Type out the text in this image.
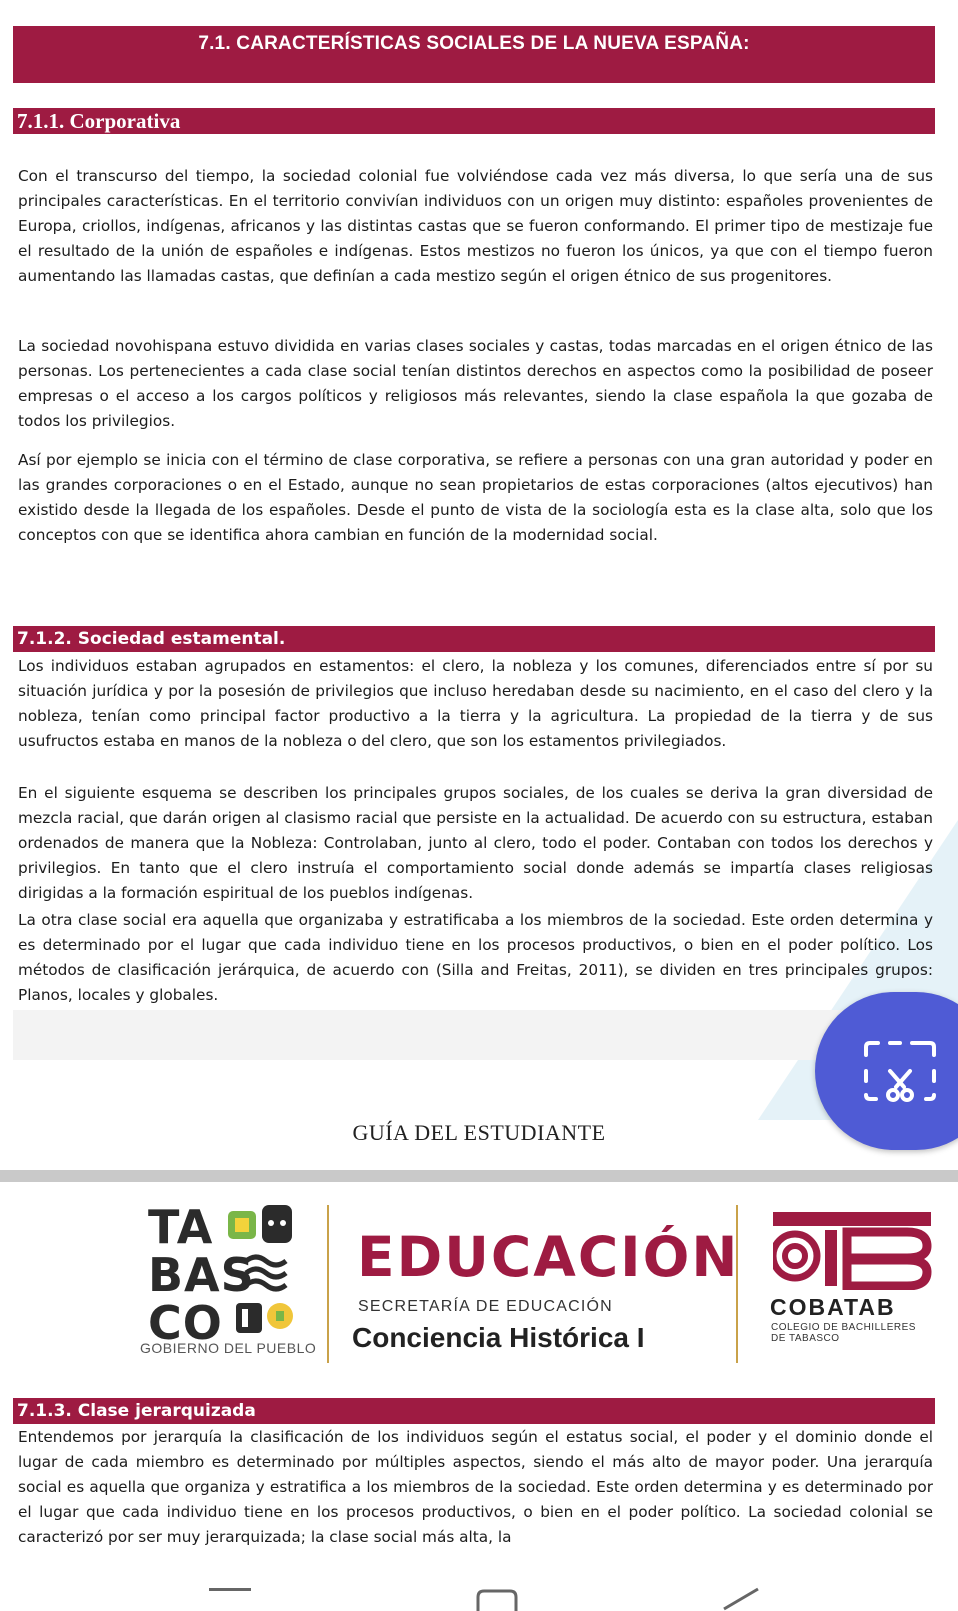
7.1. CARACTERÍSTICAS SOCIALES DE LA NUEVA ESPAÑA:
7.1.1. Corporativa

Con el transcurso del tiempo, la sociedad colonial fue volviéndose cada vez más diversa, lo que sería una de sus principales características. En el territorio convivían individuos con un origen muy distinto: españoles provenientes de Europa, criollos, indígenas, africanos y las distintas castas que se fueron conformando. El primer tipo de mestizaje fue el resultado de la unión de españoles e indígenas. Estos mestizos no fueron los únicos, ya que con el tiempo fueron aumentando las llamadas castas, que definían a cada mestizo según el origen étnico de sus progenitores.

La sociedad novohispana estuvo dividida en varias clases sociales y castas, todas marcadas en el origen étnico de las personas. Los pertenecientes a cada clase social tenían distintos derechos en aspectos como la posibilidad de poseer empresas o el acceso a los cargos políticos y religiosos más relevantes, siendo la clase española la que gozaba de todos los privilegios.

Así por ejemplo se inicia con el término de clase corporativa, se refiere a personas con una gran autoridad y poder en las grandes corporaciones o en el Estado, aunque no sean propietarios de estas corporaciones (altos ejecutivos) han existido desde la llegada de los españoles. Desde el punto de vista de la sociología esta es la clase alta, solo que los conceptos con que se identifica ahora cambian en función de la modernidad social.

7.1.2. Sociedad estamental.

Los individuos estaban agrupados en estamentos: el clero, la nobleza y los comunes, diferenciados entre sí por su situación jurídica y por la posesión de privilegios que incluso heredaban desde su nacimiento, en el caso del clero y la nobleza, tenían como principal factor productivo a la tierra y la agricultura. La propiedad de la tierra y de sus usufructos estaba en manos de la nobleza o del clero, que son los estamentos privilegiados.

En el siguiente esquema se describen los principales grupos sociales, de los cuales se deriva la gran diversidad de mezcla racial, que darán origen al clasismo racial que persiste en la actualidad. De acuerdo con su estructura, estaban ordenados de manera que la Nobleza: Controlaban, junto al clero, todo el poder. Contaban con todos los derechos y privilegios. En tanto que el clero instruía el comportamiento social donde además se impartía clases religiosas dirigidas a la formación espiritual de los pueblos indígenas.

La otra clase social era aquella que organizaba y estratificaba a los miembros de la sociedad. Este orden determina y es determinado por el lugar que cada individuo tiene en los procesos productivos, o bien en el poder político. Los métodos de clasificación jerárquica, de acuerdo con (Silla and Freitas, 2011), se dividen en tres principales grupos: Planos, locales y globales.

GUÍA DEL ESTUDIANTE
TA
BAS
CO
GOBIERNO DEL PUEBLO
EDUCACIÓN
SECRETARÍA DE EDUCACIÓN
Conciencia Histórica I
COBATAB
COLEGIO DE BACHILLERES
DE TABASCO
7.1.3. Clase jerarquizada

Entendemos por jerarquía la clasificación de los individuos según el estatus social, el poder y el dominio donde el lugar de cada miembro es determinado por múltiples aspectos, siendo el más alto de mayor poder. Una jerarquía social es aquella que organiza y estratifica a los miembros de la sociedad. Este orden determina y es determinado por el lugar que cada individuo tiene en los procesos productivos, o bien en el poder político. La sociedad colonial se caracterizó por ser muy jerarquizada; la clase social más alta, la
